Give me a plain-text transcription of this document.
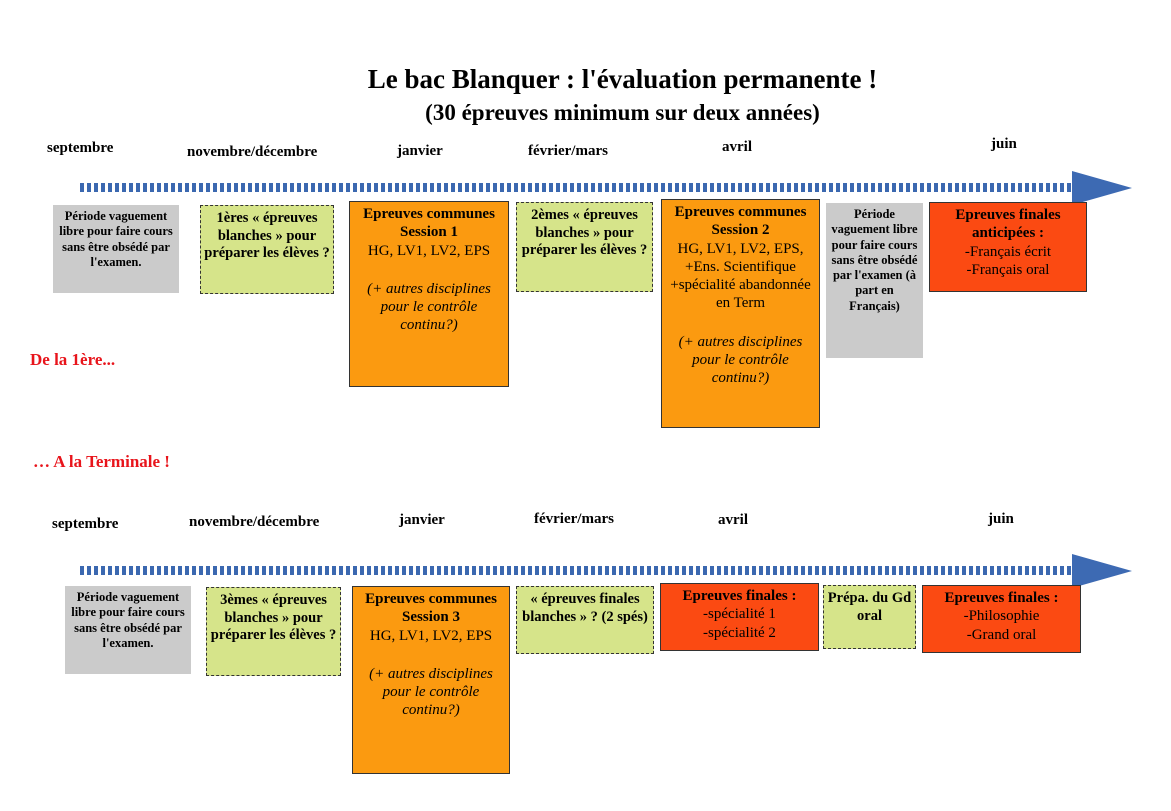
Le bac Blanquer : l'évaluation permanente !
(30 épreuves minimum sur deux années)
septembre	novembre/décembre	janvier	février/mars	avril	juin
Période vaguement libre pour faire cours sans être obsédé par l'examen.
1ères « épreuves blanches » pour préparer les élèves ?
Epreuves communes Session 1
HG, LV1, LV2, EPS
(+ autres disciplines pour le contrôle continu?)
2èmes « épreuves blanches » pour préparer les élèves ?
Epreuves communes Session 2
HG, LV1, LV2, EPS, +Ens. Scientifique +spécialité abandonnée en Term
(+ autres disciplines pour le contrôle continu?)
Période vaguement libre pour faire cours sans être obsédé par l'examen (à part en Français)
Epreuves finales anticipées :
-Français écrit
-Français oral
De la 1ère...
… A la Terminale !
septembre	novembre/décembre	janvier	février/mars	avril	juin
Période vaguement libre pour faire cours sans être obsédé par l'examen.
3èmes « épreuves blanches » pour préparer les élèves ?
Epreuves communes Session 3
HG, LV1, LV2, EPS
(+ autres disciplines pour le contrôle continu?)
« épreuves finales blanches » ? (2 spés)
Epreuves finales :
-spécialité 1
-spécialité 2
Prépa. du Gd oral
Epreuves finales :
-Philosophie
-Grand oral
